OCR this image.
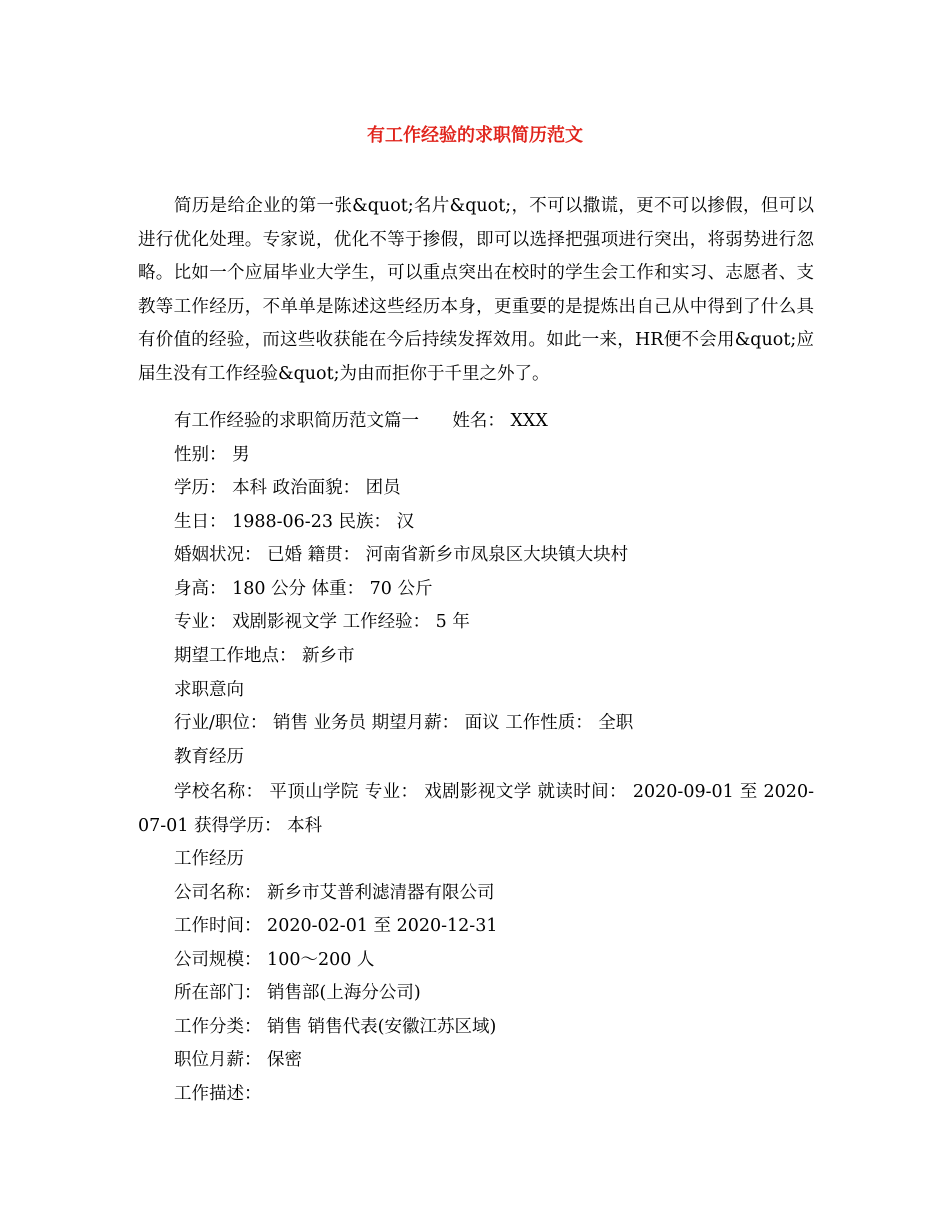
有工作经验的求职简历范文

简历是给企业的第一张&quot;名片&quot;，不可以撒谎，更不可以掺假，但可以进行优化处理。专家说，优化不等于掺假，即可以选择把强项进行突出，将弱势进行忽略。比如一个应届毕业大学生，可以重点突出在校时的学生会工作和实习、志愿者、支教等工作经历，不单单是陈述这些经历本身，更重要的是提炼出自己从中得到了什么具有价值的经验，而这些收获能在今后持续发挥效用。如此一来，HR便不会用&quot;应届生没有工作经验&quot;为由而拒你于千里之外了。

有工作经验的求职简历范文篇一      姓名： XXX

性别： 男

学历： 本科 政治面貌： 团员

生日： 1988-06-23 民族： 汉

婚姻状况： 已婚 籍贯： 河南省新乡市凤泉区大块镇大块村

身高： 180 公分 体重： 70 公斤

专业： 戏剧影视文学 工作经验： 5 年

期望工作地点： 新乡市

求职意向

行业/职位： 销售 业务员 期望月薪： 面议 工作性质： 全职

教育经历

学校名称： 平顶山学院 专业： 戏剧影视文学 就读时间： 2020-09-01 至 2020-07-01 获得学历： 本科

工作经历

公司名称： 新乡市艾普利滤清器有限公司

工作时间： 2020-02-01 至 2020-12-31

公司规模： 100～200 人

所在部门： 销售部(上海分公司)

工作分类： 销售 销售代表(安徽江苏区域)

职位月薪： 保密

工作描述：
